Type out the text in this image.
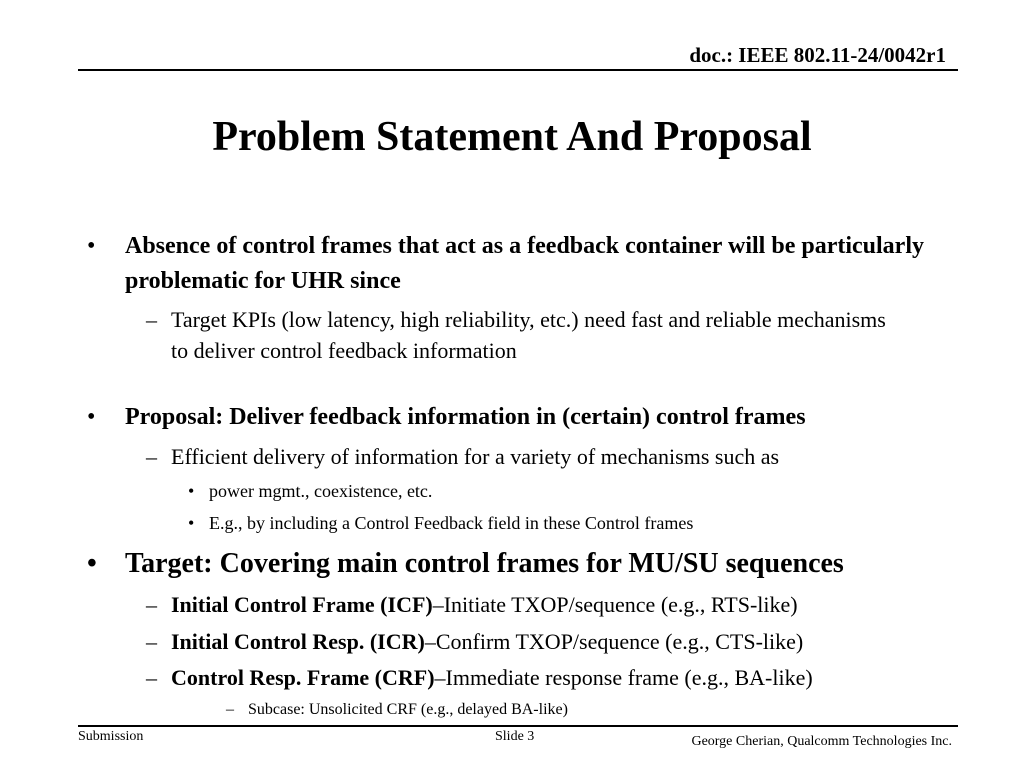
doc.: IEEE 802.11-24/0042r1
Problem Statement And Proposal
• Absence of control frames that act as a feedback container will be particularly problematic for UHR since
– Target KPIs (low latency, high reliability, etc.) need fast and reliable mechanisms to deliver control feedback information
• Proposal: Deliver feedback information in (certain) control frames
– Efficient delivery of information for a variety of mechanisms such as
• power mgmt., coexistence, etc.
• E.g., by including a Control Feedback field in these Control frames
• Target: Covering main control frames for MU/SU sequences
– Initial Control Frame (ICF)–Initiate TXOP/sequence (e.g., RTS-like)
– Initial Control Resp. (ICR)–Confirm TXOP/sequence (e.g., CTS-like)
– Control Resp. Frame (CRF)–Immediate response frame (e.g., BA-like)
– Subcase: Unsolicited CRF (e.g., delayed BA-like)
Submission	Slide 3	George Cherian, Qualcomm Technologies Inc.
